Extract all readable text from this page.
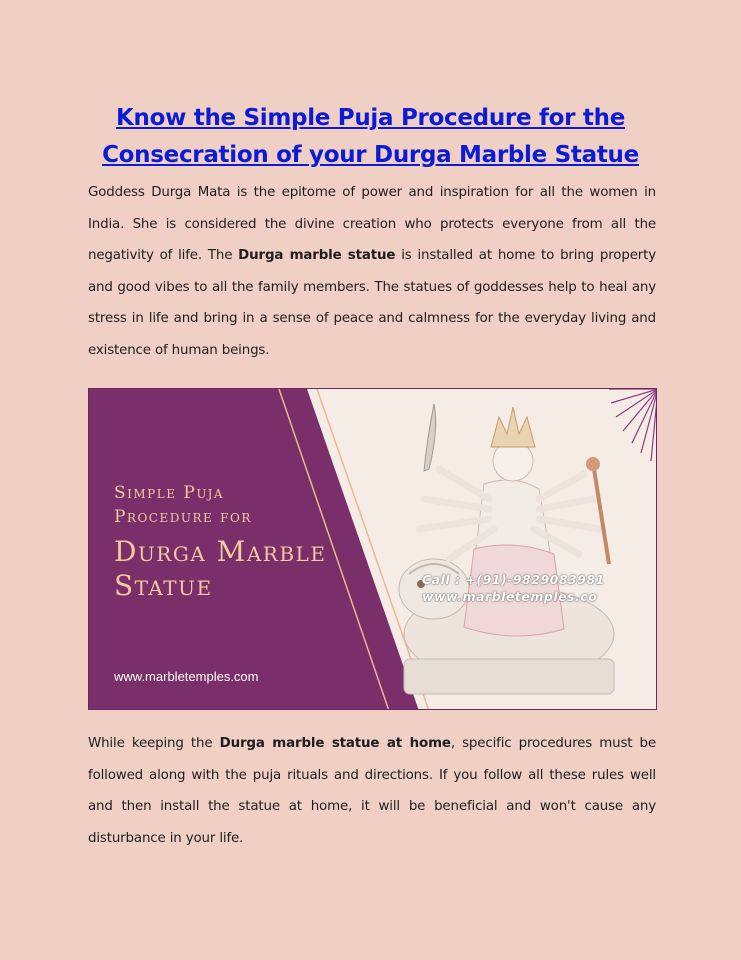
Know the Simple Puja Procedure for the
Consecration of your Durga Marble Statue
Goddess Durga Mata is the epitome of power and inspiration for all the women in India. She is considered the divine creation who protects everyone from all the negativity of life. The Durga marble statue is installed at home to bring property and good vibes to all the family members. The statues of goddesses help to heal any stress in life and bring in a sense of peace and calmness for the everyday living and existence of human beings.
Simple Puja
Procedure for
Durga Marble
Statue
www.marbletemples.com
Call : +(91)-9829083981
www.marbletemples.co
While keeping the Durga marble statue at home, specific procedures must be followed along with the puja rituals and directions. If you follow all these rules well and then install the statue at home, it will be beneficial and won't cause any disturbance in your life.
